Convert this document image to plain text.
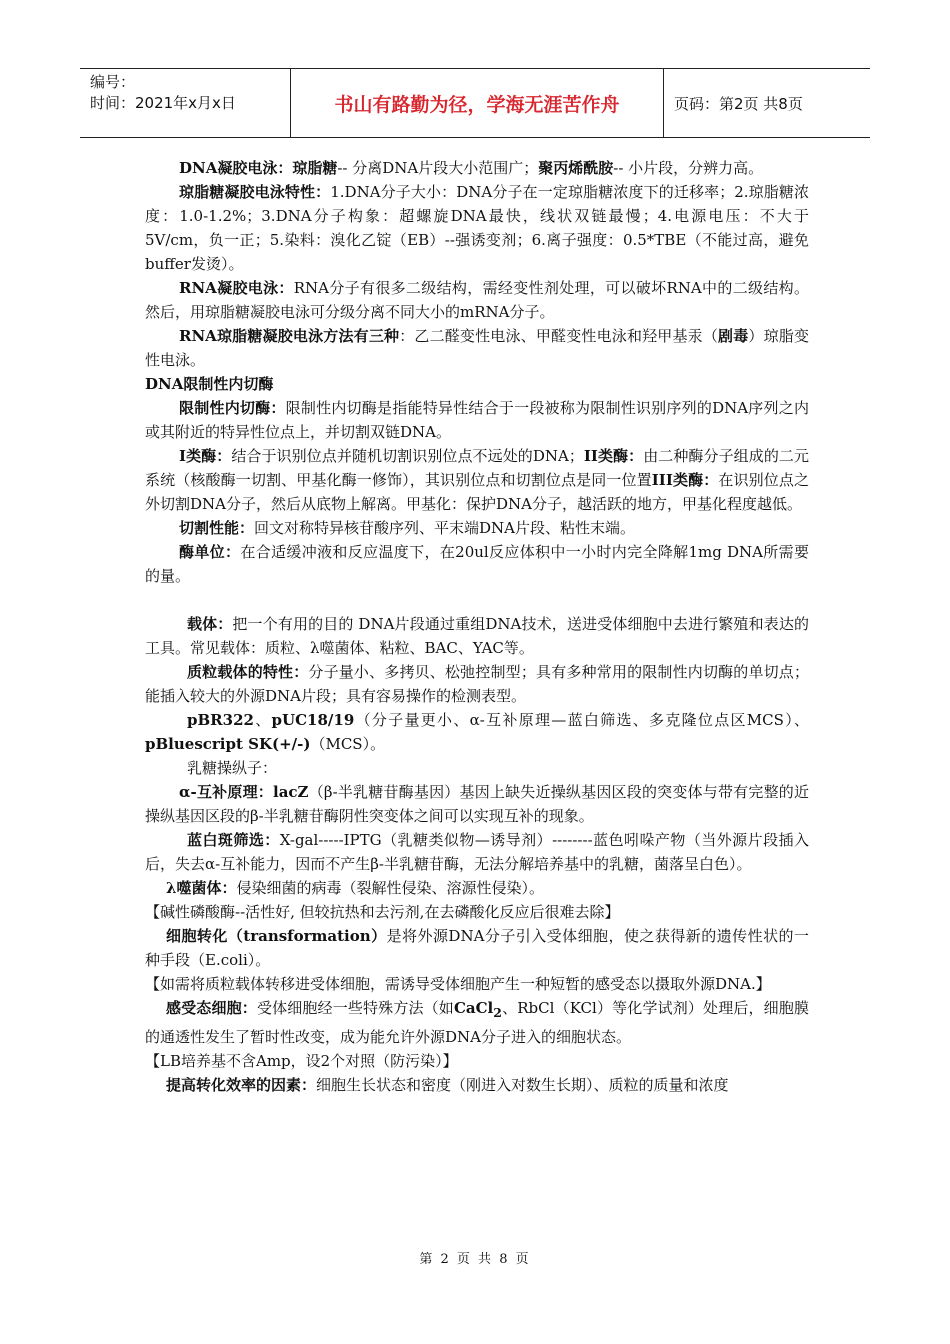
编号：
时间：2021年x月x日	书山有路勤为径，学海无涯苦作舟	页码：第2页 共8页

DNA凝胶电泳：琼脂糖-- 分离DNA片段大小范围广；聚丙烯酰胺-- 小片段，分辨力高。

琼脂糖凝胶电泳特性：1.DNA分子大小：DNA分子在一定琼脂糖浓度下的迁移率；2.琼脂糖浓度：1.0-1.2%；3.DNA分子构象：超螺旋DNA最快，线状双链最慢；4.电源电压：不大于5V/cm，负一正；5.染料：溴化乙锭（EB）--强诱变剂；6.离子强度：0.5*TBE（不能过高，避免buffer发烫）。

RNA凝胶电泳：RNA分子有很多二级结构，需经变性剂处理，可以破坏RNA中的二级结构。然后，用琼脂糖凝胶电泳可分级分离不同大小的mRNA分子。

RNA琼脂糖凝胶电泳方法有三种：乙二醛变性电泳、甲醛变性电泳和羟甲基汞（剧毒）琼脂变性电泳。

DNA限制性内切酶

限制性内切酶：限制性内切酶是指能特异性结合于一段被称为限制性识别序列的DNA序列之内或其附近的特异性位点上，并切割双链DNA。

I类酶：结合于识别位点并随机切割识别位点不远处的DNA；II类酶：由二种酶分子组成的二元系统（核酸酶一切割、甲基化酶一修饰），其识别位点和切割位点是同一位置III类酶：在识别位点之外切割DNA分子，然后从底物上解离。甲基化：保护DNA分子，越活跃的地方，甲基化程度越低。

切割性能：回文对称特异核苷酸序列、平末端DNA片段、粘性末端。

酶单位：在合适缓冲液和反应温度下，在20ul反应体积中一小时内完全降解1mg DNA所需要的量。

载体：把一个有用的目的 DNA片段通过重组DNA技术，送进受体细胞中去进行繁殖和表达的工具。常见载体：质粒、λ噬菌体、粘粒、BAC、YAC等。

质粒载体的特性：分子量小、多拷贝、松弛控制型；具有多种常用的限制性内切酶的单切点；能插入较大的外源DNA片段；具有容易操作的检测表型。

pBR322、pUC18/19（分子量更小、α-互补原理—蓝白筛选、多克隆位点区MCS）、pBluescript SK(+/-)（MCS）。

乳糖操纵子：

α-互补原理：lacZ（β-半乳糖苷酶基因）基因上缺失近操纵基因区段的突变体与带有完整的近操纵基因区段的β-半乳糖苷酶阴性突变体之间可以实现互补的现象。

蓝白斑筛选：X-gal-----IPTG（乳糖类似物—诱导剂）--------蓝色吲哚产物（当外源片段插入后，失去α-互补能力，因而不产生β-半乳糖苷酶，无法分解培养基中的乳糖，菌落呈白色）。

λ噬菌体：侵染细菌的病毒（裂解性侵染、溶源性侵染）。

【碱性磷酸酶--活性好, 但较抗热和去污剂,在去磷酸化反应后很难去除】

细胞转化（transformation）是将外源DNA分子引入受体细胞，使之获得新的遗传性状的一种手段（E.coli）。

【如需将质粒载体转移进受体细胞，需诱导受体细胞产生一种短暂的感受态以摄取外源DNA.】

感受态细胞：受体细胞经一些特殊方法（如CaCl$_2$、RbCl（KCl）等化学试剂）处理后，细胞膜的通透性发生了暂时性改变，成为能允许外源DNA分子进入的细胞状态。

【LB培养基不含Amp，设2个对照（防污染）】

提高转化效率的因素：细胞生长状态和密度（刚进入对数生长期）、质粒的质量和浓度

第 2 页 共 8 页
